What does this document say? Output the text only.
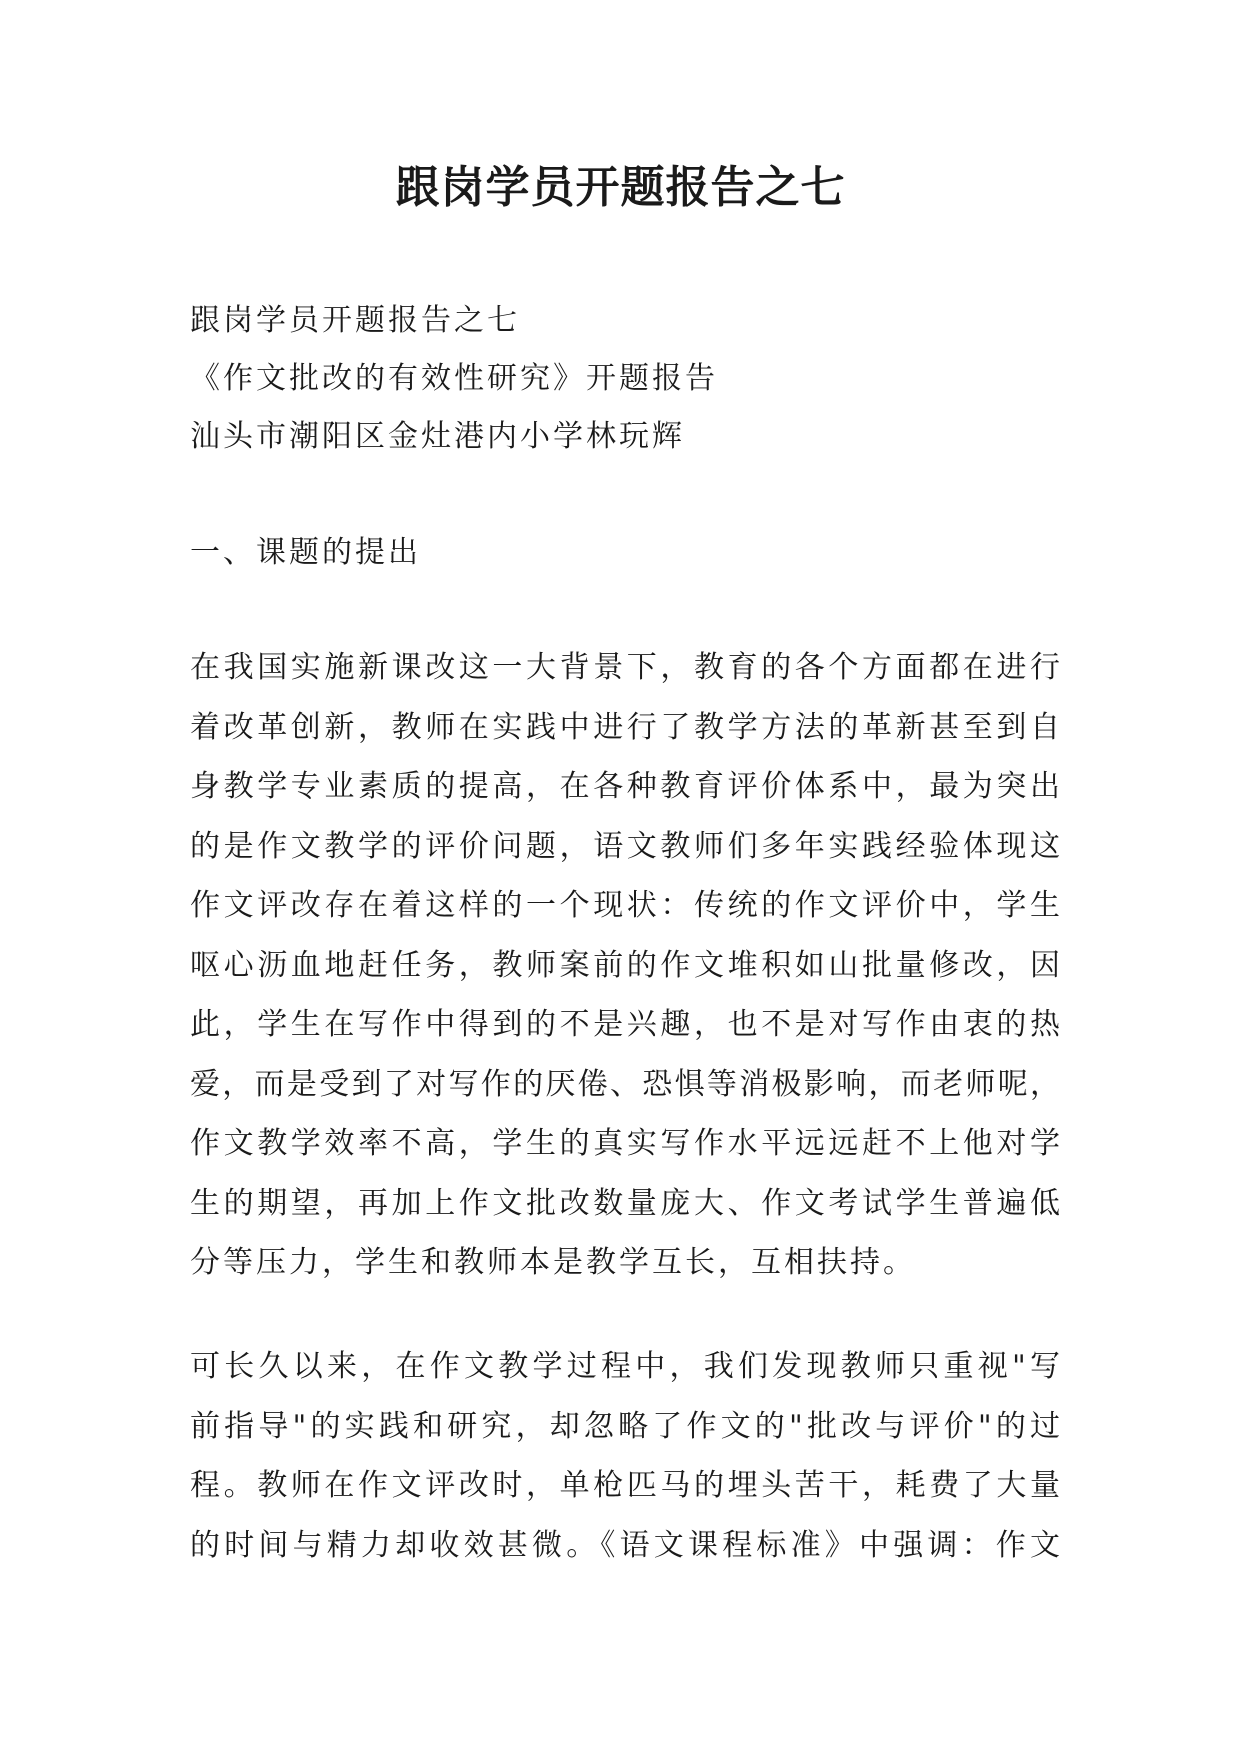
跟岗学员开题报告之七
跟岗学员开题报告之七
《作文批改的有效性研究》开题报告
汕头市潮阳区金灶港内小学林玩辉
一、课题的提出
在我国实施新课改这一大背景下，教育的各个方面都在进行
着改革创新，教师在实践中进行了教学方法的革新甚至到自
身教学专业素质的提高，在各种教育评价体系中，最为突出
的是作文教学的评价问题，语文教师们多年实践经验体现这
作文评改存在着这样的一个现状：传统的作文评价中，学生
呕心沥血地赶任务，教师案前的作文堆积如山批量修改，因
此，学生在写作中得到的不是兴趣，也不是对写作由衷的热
爱，而是受到了对写作的厌倦、恐惧等消极影响，而老师呢，
作文教学效率不高，学生的真实写作水平远远赶不上他对学
生的期望，再加上作文批改数量庞大、作文考试学生普遍低
分等压力，学生和教师本是教学互长，互相扶持。
可长久以来，在作文教学过程中，我们发现教师只重视"写
前指导"的实践和研究，却忽略了作文的"批改与评价"的过
程。教师在作文评改时，单枪匹马的埋头苦干，耗费了大量
的时间与精力却收效甚微。《语文课程标准》中强调：作文
